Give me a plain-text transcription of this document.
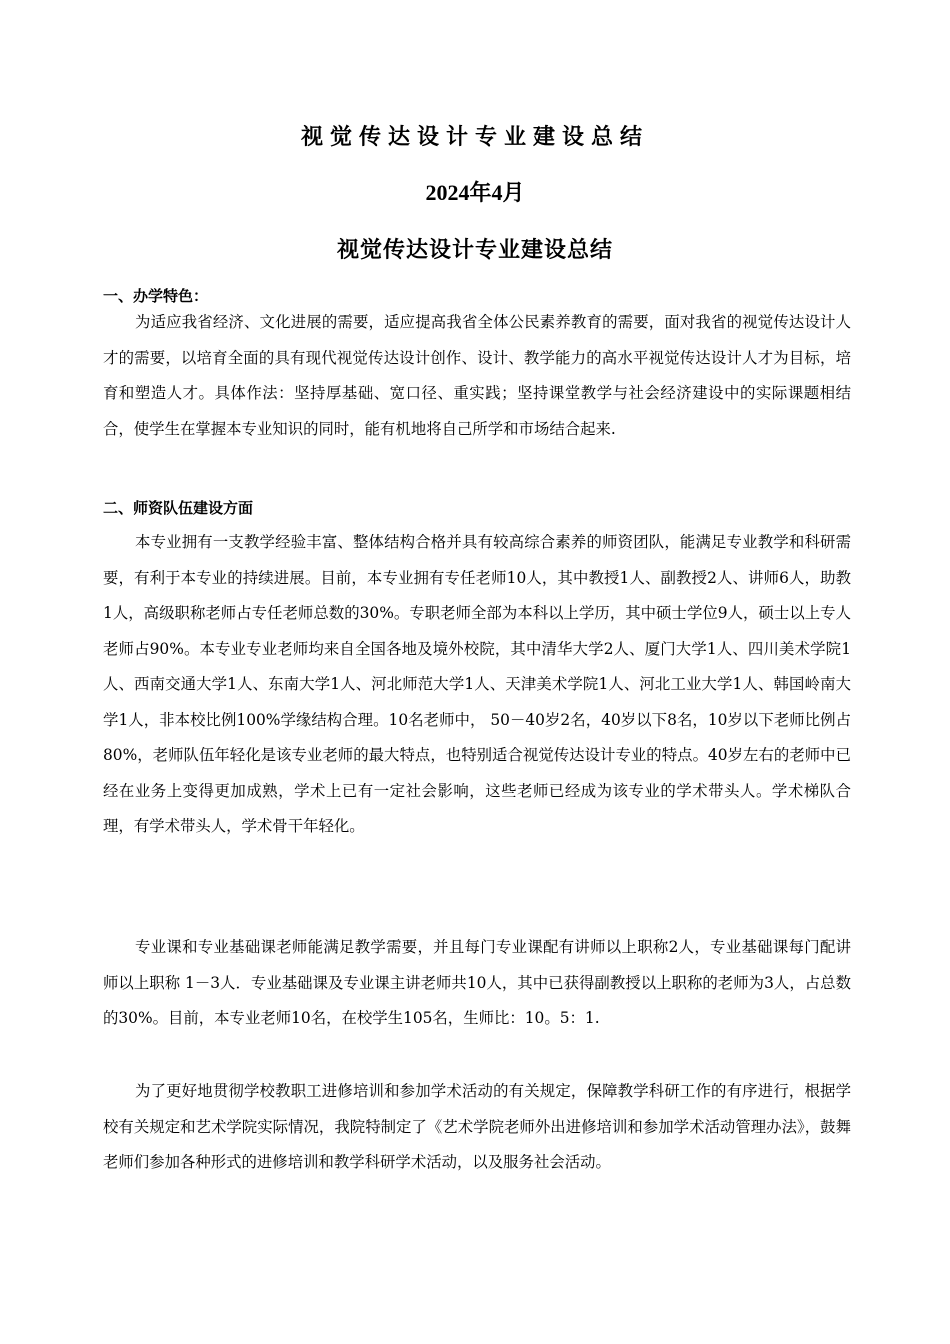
视觉传达设计专业建设总结
2024年4月
视觉传达设计专业建设总结
一、办学特色：
为适应我省经济、文化进展的需要，适应提高我省全体公民素养教育的需要，面对我省的视觉传达设计人才的需要，以培育全面的具有现代视觉传达设计创作、设计、教学能力的高水平视觉传达设计人才为目标，培育和塑造人才。具体作法：坚持厚基础、宽口径、重实践；坚持课堂教学与社会经济建设中的实际课题相结合，使学生在掌握本专业知识的同时，能有机地将自己所学和市场结合起来.
二、师资队伍建设方面
本专业拥有一支教学经验丰富、整体结构合格并具有较高综合素养的师资团队，能满足专业教学和科研需要，有利于本专业的持续进展。目前，本专业拥有专任老师10人，其中教授1人、副教授2人、讲师6人，助教1人，高级职称老师占专任老师总数的30%。专职老师全部为本科以上学历，其中硕士学位9人，硕士以上专人老师占90%。本专业专业老师均来自全国各地及境外校院，其中清华大学2人、厦门大学1人、四川美术学院1人、西南交通大学1人、东南大学1人、河北师范大学1人、天津美术学院1人、河北工业大学1人、韩国岭南大学1人，非本校比例100%学缘结构合理。10名老师中， 50－40岁2名，40岁以下8名，10岁以下老师比例占80%，老师队伍年轻化是该专业老师的最大特点，也特别适合视觉传达设计专业的特点。40岁左右的老师中已经在业务上变得更加成熟，学术上已有一定社会影响，这些老师已经成为该专业的学术带头人。学术梯队合理，有学术带头人，学术骨干年轻化。
专业课和专业基础课老师能满足教学需要，并且每门专业课配有讲师以上职称2人，专业基础课每门配讲师以上职称 1－3人．专业基础课及专业课主讲老师共10人，其中已获得副教授以上职称的老师为3人，占总数的30%。目前，本专业老师10名，在校学生105名，生师比：10。5：1.
为了更好地贯彻学校教职工进修培训和参加学术活动的有关规定，保障教学科研工作的有序进行，根据学校有关规定和艺术学院实际情况，我院特制定了《艺术学院老师外出进修培训和参加学术活动管理办法》，鼓舞老师们参加各种形式的进修培训和教学科研学术活动，以及服务社会活动。
